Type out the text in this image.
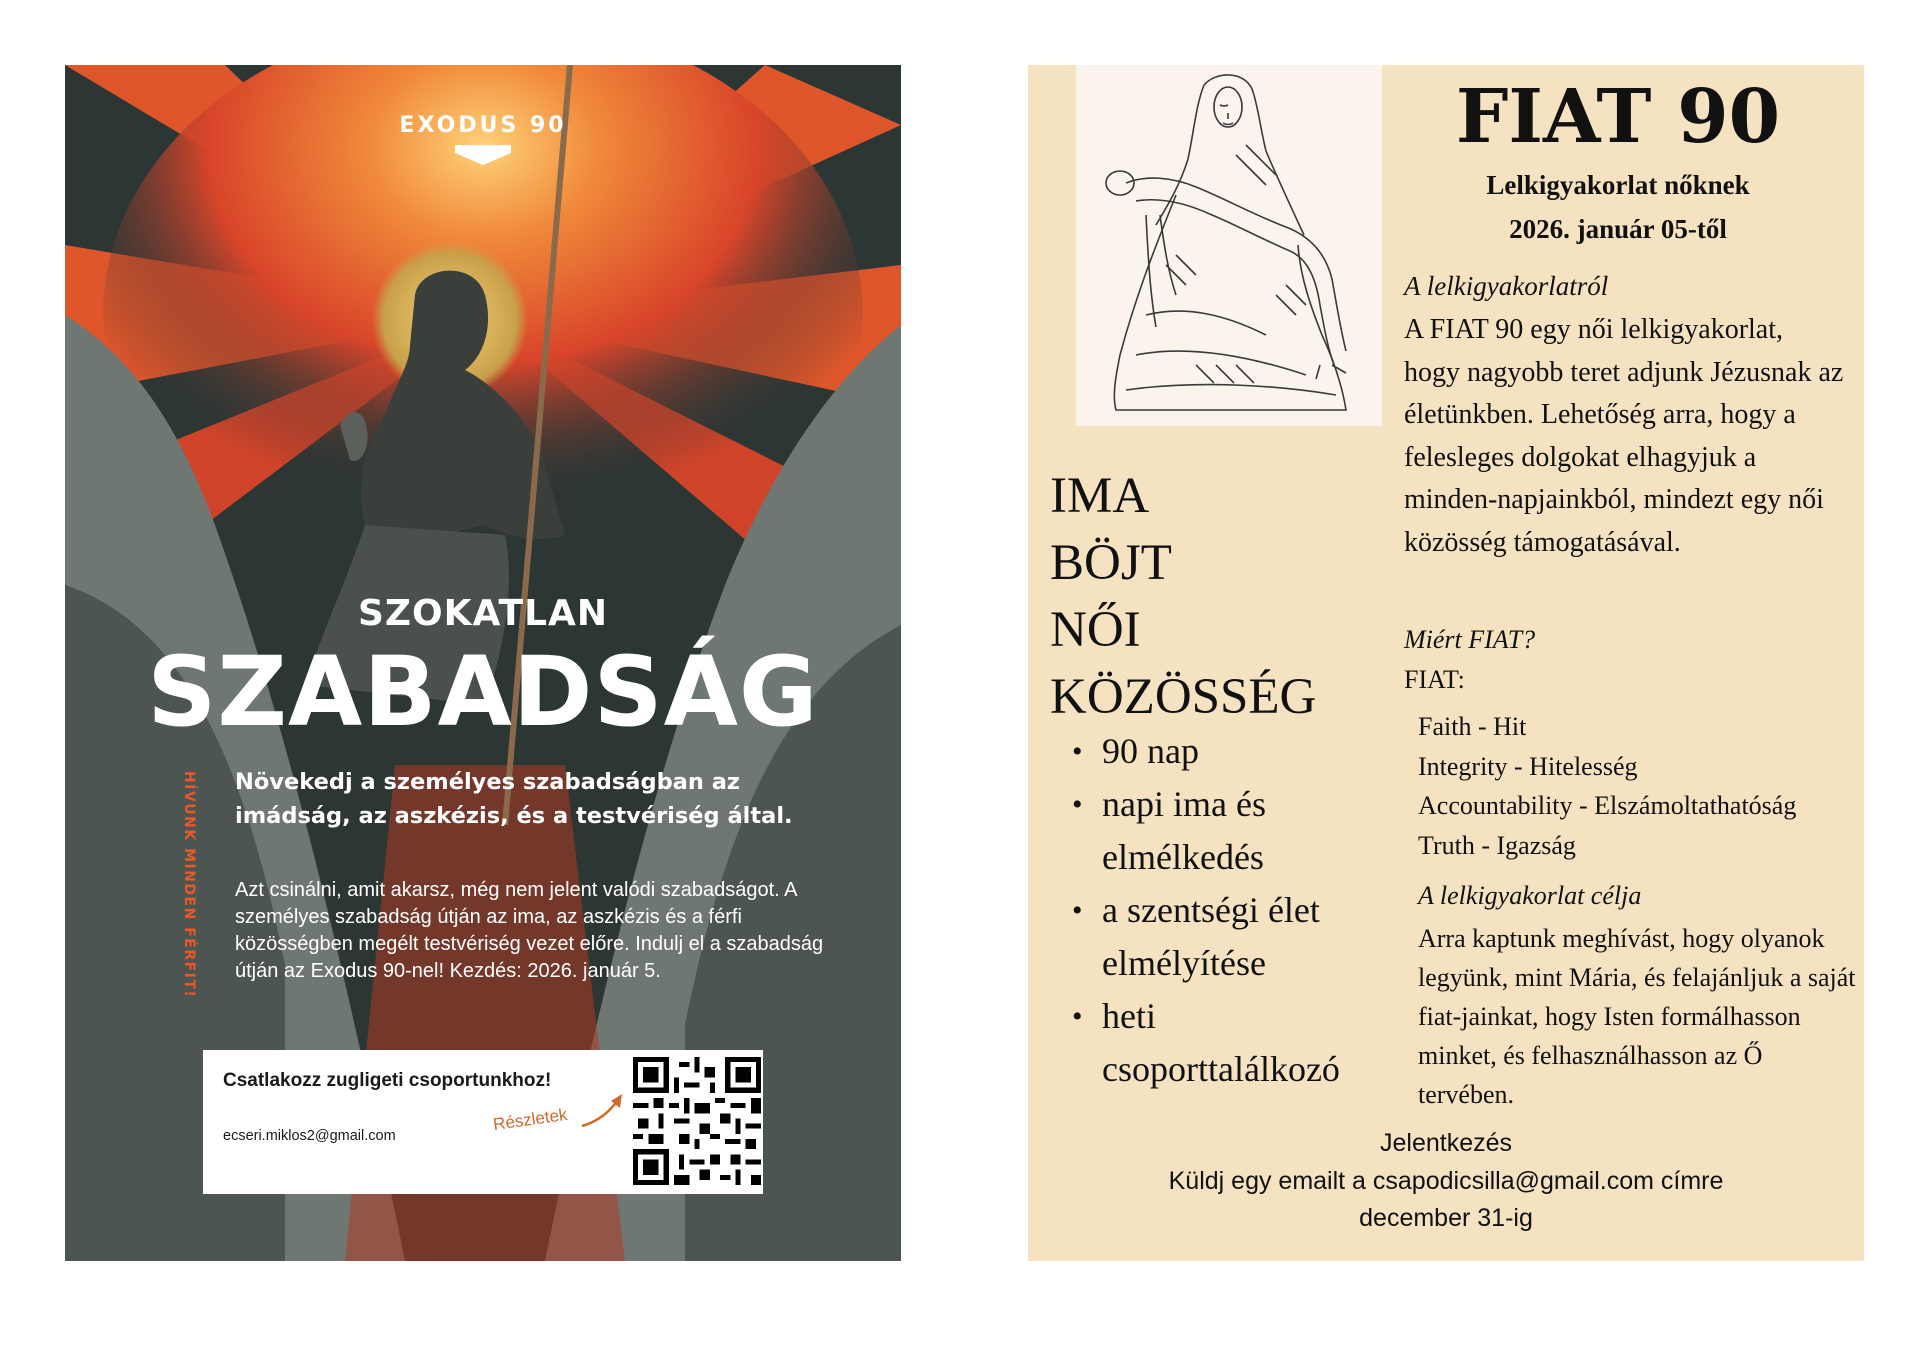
EXODUS 90
SZOKATLAN
SZABADSÁG
HÍVUNK MINDEN FÉRFIT! Növekedj a személyes szabadságban az imádság, az aszkézis, és a testvériség által.
Azt csinálni, amit akarsz, még nem jelent valódi szabadságot. A személyes szabadság útján az ima, az aszkézis és a férfi közösségben megélt testvériség vezet előre. Indulj el a szabadság útján az Exodus 90-nel! Kezdés: 2026. január 5.
Csatlakozz zugligeti csoportunkhoz!
ecseri.miklos2@gmail.com
Részletek
FIAT 90
Lelkigyakorlat nőknek
2026. január 05-től
A lelkigyakorlatról
A FIAT 90 egy női lelkigyakorlat, hogy nagyobb teret adjunk Jézusnak az életünkben. Lehetőség arra, hogy a felesleges dolgokat elhagyjuk a minden-napjainkból, mindezt egy női közösség támogatásával.
Miért FIAT?
FIAT:
Faith - Hit
Integrity - Hitelesség
Accountability - Elszámoltathatóság
Truth - Igazság
A lelkigyakorlat célja
Arra kaptunk meghívást, hogy olyanok legyünk, mint Mária, és felajánljuk a saját fiat-jainkat, hogy Isten formálhasson minket, és felhasználhasson az Ő tervében.
IMA
BÖJT
NŐI
KÖZÖSSÉG
• 90 nap
• napi ima és elmélkedés
• a szentségi élet elmélyítése
• heti csoporttalálkozó
Jelentkezés
Küldj egy emailt a csapodicsilla@gmail.com címre
december 31-ig
